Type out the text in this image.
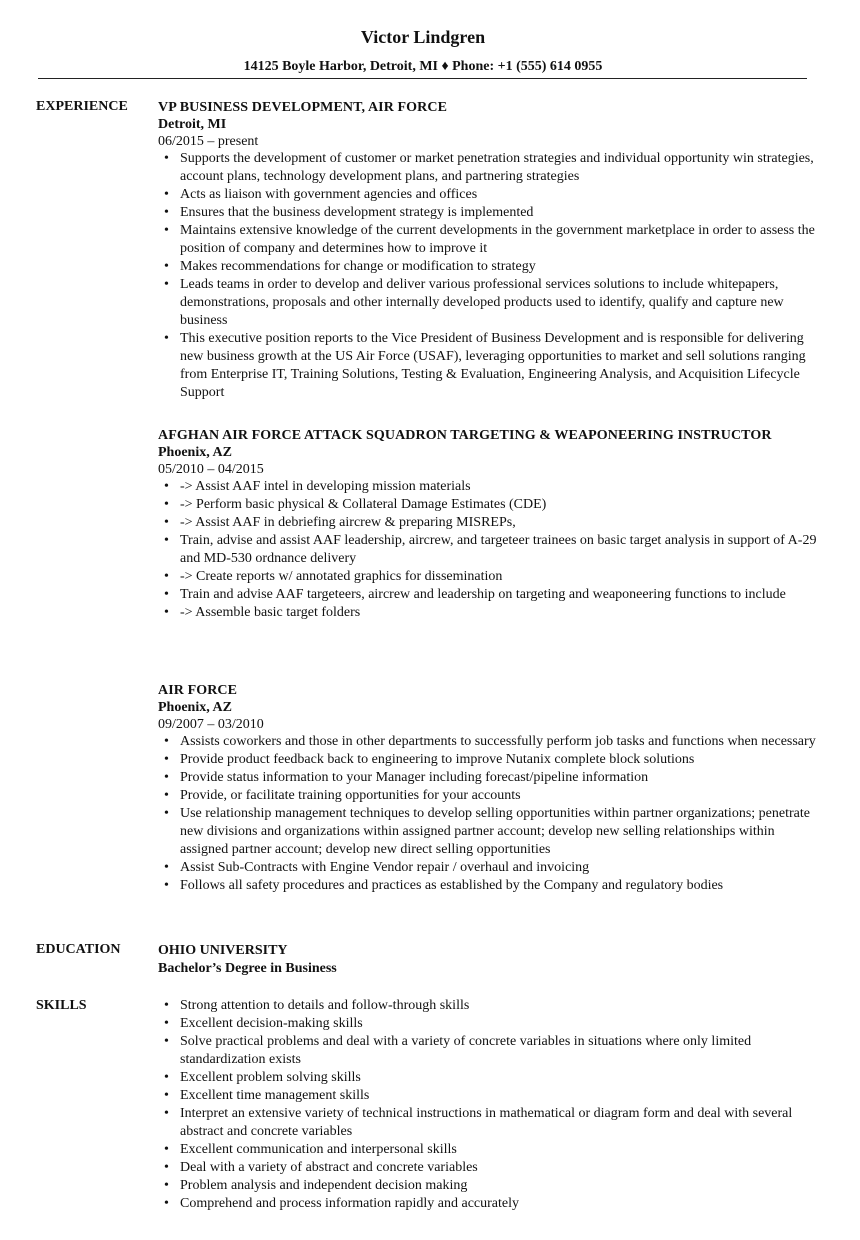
Victor Lindgren
14125 Boyle Harbor, Detroit, MI ♦ Phone: +1 (555) 614 0955
EXPERIENCE VP BUSINESS DEVELOPMENT, AIR FORCE
Detroit, MI
06/2015 – present
• Supports the development of customer or market penetration strategies and individual opportunity win strategies, account plans, technology development plans, and partnering strategies
• Acts as liaison with government agencies and offices
• Ensures that the business development strategy is implemented
• Maintains extensive knowledge of the current developments in the government marketplace in order to assess the position of company and determines how to improve it
• Makes recommendations for change or modification to strategy
• Leads teams in order to develop and deliver various professional services solutions to include whitepapers, demonstrations, proposals and other internally developed products used to identify, qualify and capture new business
• This executive position reports to the Vice President of Business Development and is responsible for delivering new business growth at the US Air Force (USAF), leveraging opportunities to market and sell solutions ranging from Enterprise IT, Training Solutions, Testing & Evaluation, Engineering Analysis, and Acquisition Lifecycle Support
AFGHAN AIR FORCE ATTACK SQUADRON TARGETING & WEAPONEERING INSTRUCTOR
Phoenix, AZ
05/2010 – 04/2015
• -> Assist AAF intel in developing mission materials
• -> Perform basic physical & Collateral Damage Estimates (CDE)
• -> Assist AAF in debriefing aircrew & preparing MISREPs,
• Train, advise and assist AAF leadership, aircrew, and targeteer trainees on basic target analysis in support of A-29 and MD-530 ordnance delivery
• -> Create reports w/ annotated graphics for dissemination
• Train and advise AAF targeteers, aircrew and leadership on targeting and weaponeering functions to include
• -> Assemble basic target folders
AIR FORCE
Phoenix, AZ
09/2007 – 03/2010
• Assists coworkers and those in other departments to successfully perform job tasks and functions when necessary
• Provide product feedback back to engineering to improve Nutanix complete block solutions
• Provide status information to your Manager including forecast/pipeline information
• Provide, or facilitate training opportunities for your accounts
• Use relationship management techniques to develop selling opportunities within partner organizations; penetrate new divisions and organizations within assigned partner account; develop new selling relationships within assigned partner account; develop new direct selling opportunities
• Assist Sub-Contracts with Engine Vendor repair / overhaul and invoicing
• Follows all safety procedures and practices as established by the Company and regulatory bodies
EDUCATION	OHIO UNIVERSITY
Bachelor’s Degree in Business
SKILLS
•	Strong attention to details and follow-through skills
• Excellent decision-making skills
• Solve practical problems and deal with a variety of concrete variables in situations where only limited standardization exists
• Excellent problem solving skills
• Excellent time management skills
• Interpret an extensive variety of technical instructions in mathematical or diagram form and deal with several abstract and concrete variables
• Excellent communication and interpersonal skills
• Deal with a variety of abstract and concrete variables
• Problem analysis and independent decision making
• Comprehend and process information rapidly and accurately
